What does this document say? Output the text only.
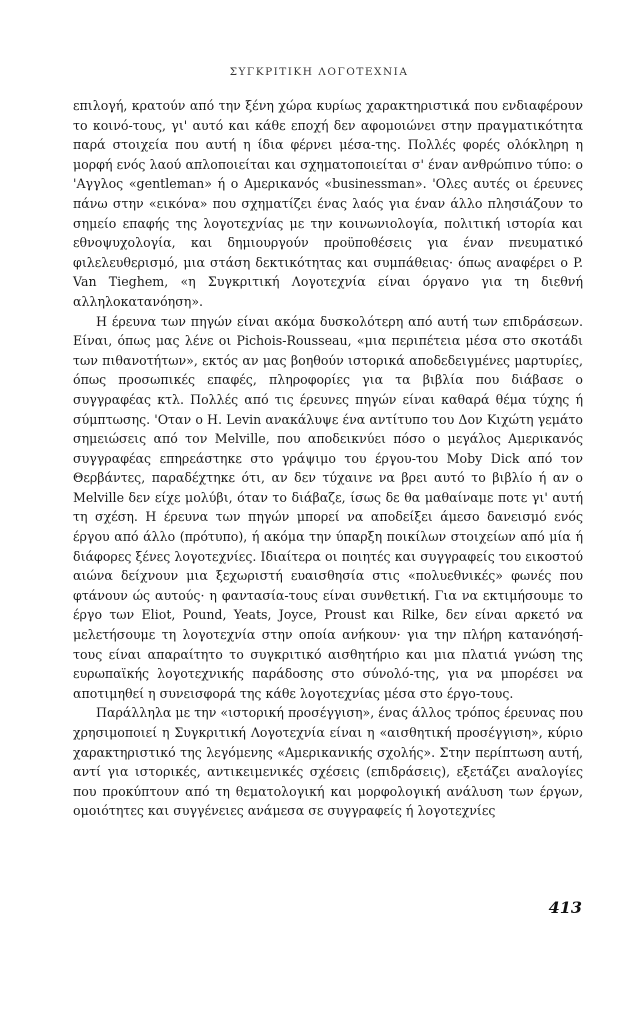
ΣΥΓΚΡΙΤΙΚΗ ΛΟΓΟΤΕΧΝΙΑ

επιλογή, κρατούν από την ξένη χώρα κυρίως χαρακτηριστικά που ενδιαφέρουν το κοινό-τους, γι' αυτό και κάθε εποχή δεν αφομοιώνει στην πραγματικότητα παρά στοιχεία που αυτή η ίδια φέρνει μέσα-της. Πολλές φορές ολόκληρη η μορφή ενός λαού απλοποιείται και σχηματοποιείται σ' έναν ανθρώπινο τύπο: ο 'Αγγλος «gentleman» ή ο Αμερικανός «businessman». 'Ολες αυτές οι έρευνες πάνω στην «εικόνα» που σχηματίζει ένας λαός για έναν άλλο πλησιάζουν το σημείο επαφής της λογοτεχνίας με την κοινωνιολογία, πολιτική ιστορία και εθνοψυχολογία, και δημιουργούν προϋποθέσεις για έναν πνευματικό φιλελευθερισμό, μια στάση δεκτικότητας και συμπάθειας· όπως αναφέρει ο P. Van Tieghem, «η Συγκριτική Λογοτεχνία είναι όργανο για τη διεθνή αλληλοκατανόηση».

Η έρευνα των πηγών είναι ακόμα δυσκολότερη από αυτή των επιδράσεων. Είναι, όπως μας λένε οι Pichois-Rousseau, «μια περιπέτεια μέσα στο σκοτάδι των πιθανοτήτων», εκτός αν μας βοηθούν ιστορικά αποδεδειγμένες μαρτυρίες, όπως προσωπικές επαφές, πληροφορίες για τα βιβλία που διάβασε ο συγγραφέας κτλ. Πολλές από τις έρευνες πηγών είναι καθαρά θέμα τύχης ή σύμπτωσης. 'Οταν ο H. Levin ανακάλυψε ένα αντίτυπο του Δον Κιχώτη γεμάτο σημειώσεις από τον Melville, που αποδεικνύει πόσο ο μεγάλος Αμερικανός συγγραφέας επηρεάστηκε στο γράψιμο του έργου-του Moby Dick από τον Θερβάντες, παραδέχτηκε ότι, αν δεν τύχαινε να βρει αυτό το βιβλίο ή αν ο Melville δεν είχε μολύβι, όταν το διάβαζε, ίσως δε θα μαθαίναμε ποτε γι' αυτή τη σχέση. Η έρευνα των πηγών μπορεί να αποδείξει άμεσο δανεισμό ενός έργου από άλλο (πρότυπο), ή ακόμα την ύπαρξη ποικίλων στοιχείων από μία ή διάφορες ξένες λογοτεχνίες. Ιδιαίτερα οι ποιητές και συγγραφείς του εικοστού αιώνα δείχνουν μια ξεχωριστή ευαισθησία στις «πολυεθνικές» φωνές που φτάνουν ώς αυτούς· η φαντασία-τους είναι συνθετική. Για να εκτιμήσουμε το έργο των Eliot, Pound, Yeats, Joyce, Proust και Rilke, δεν είναι αρκετό να μελετήσουμε τη λογοτεχνία στην οποία ανήκουν· για την πλήρη κατανόησή-τους είναι απαραίτητο το συγκριτικό αισθητήριο και μια πλατιά γνώση της ευρωπαϊκής λογοτεχνικής παράδοσης στο σύνολό-της, για να μπορέσει να αποτιμηθεί η συνεισφορά της κάθε λογοτεχνίας μέσα στο έργο-τους.

Παράλληλα με την «ιστορική προσέγγιση», ένας άλλος τρόπος έρευνας που χρησιμοποιεί η Συγκριτική Λογοτεχνία είναι η «αισθητική προσέγγιση», κύριο χαρακτηριστικό της λεγόμενης «Αμερικανικής σχολής». Στην περίπτωση αυτή, αντί για ιστορικές, αντικειμενικές σχέσεις (επιδράσεις), εξετάζει αναλογίες που προκύπτουν από τη θεματολογική και μορφολογική ανάλυση των έργων, ομοιότητες και συγγένειες ανάμεσα σε συγγραφείς ή λογοτεχνίες

413
